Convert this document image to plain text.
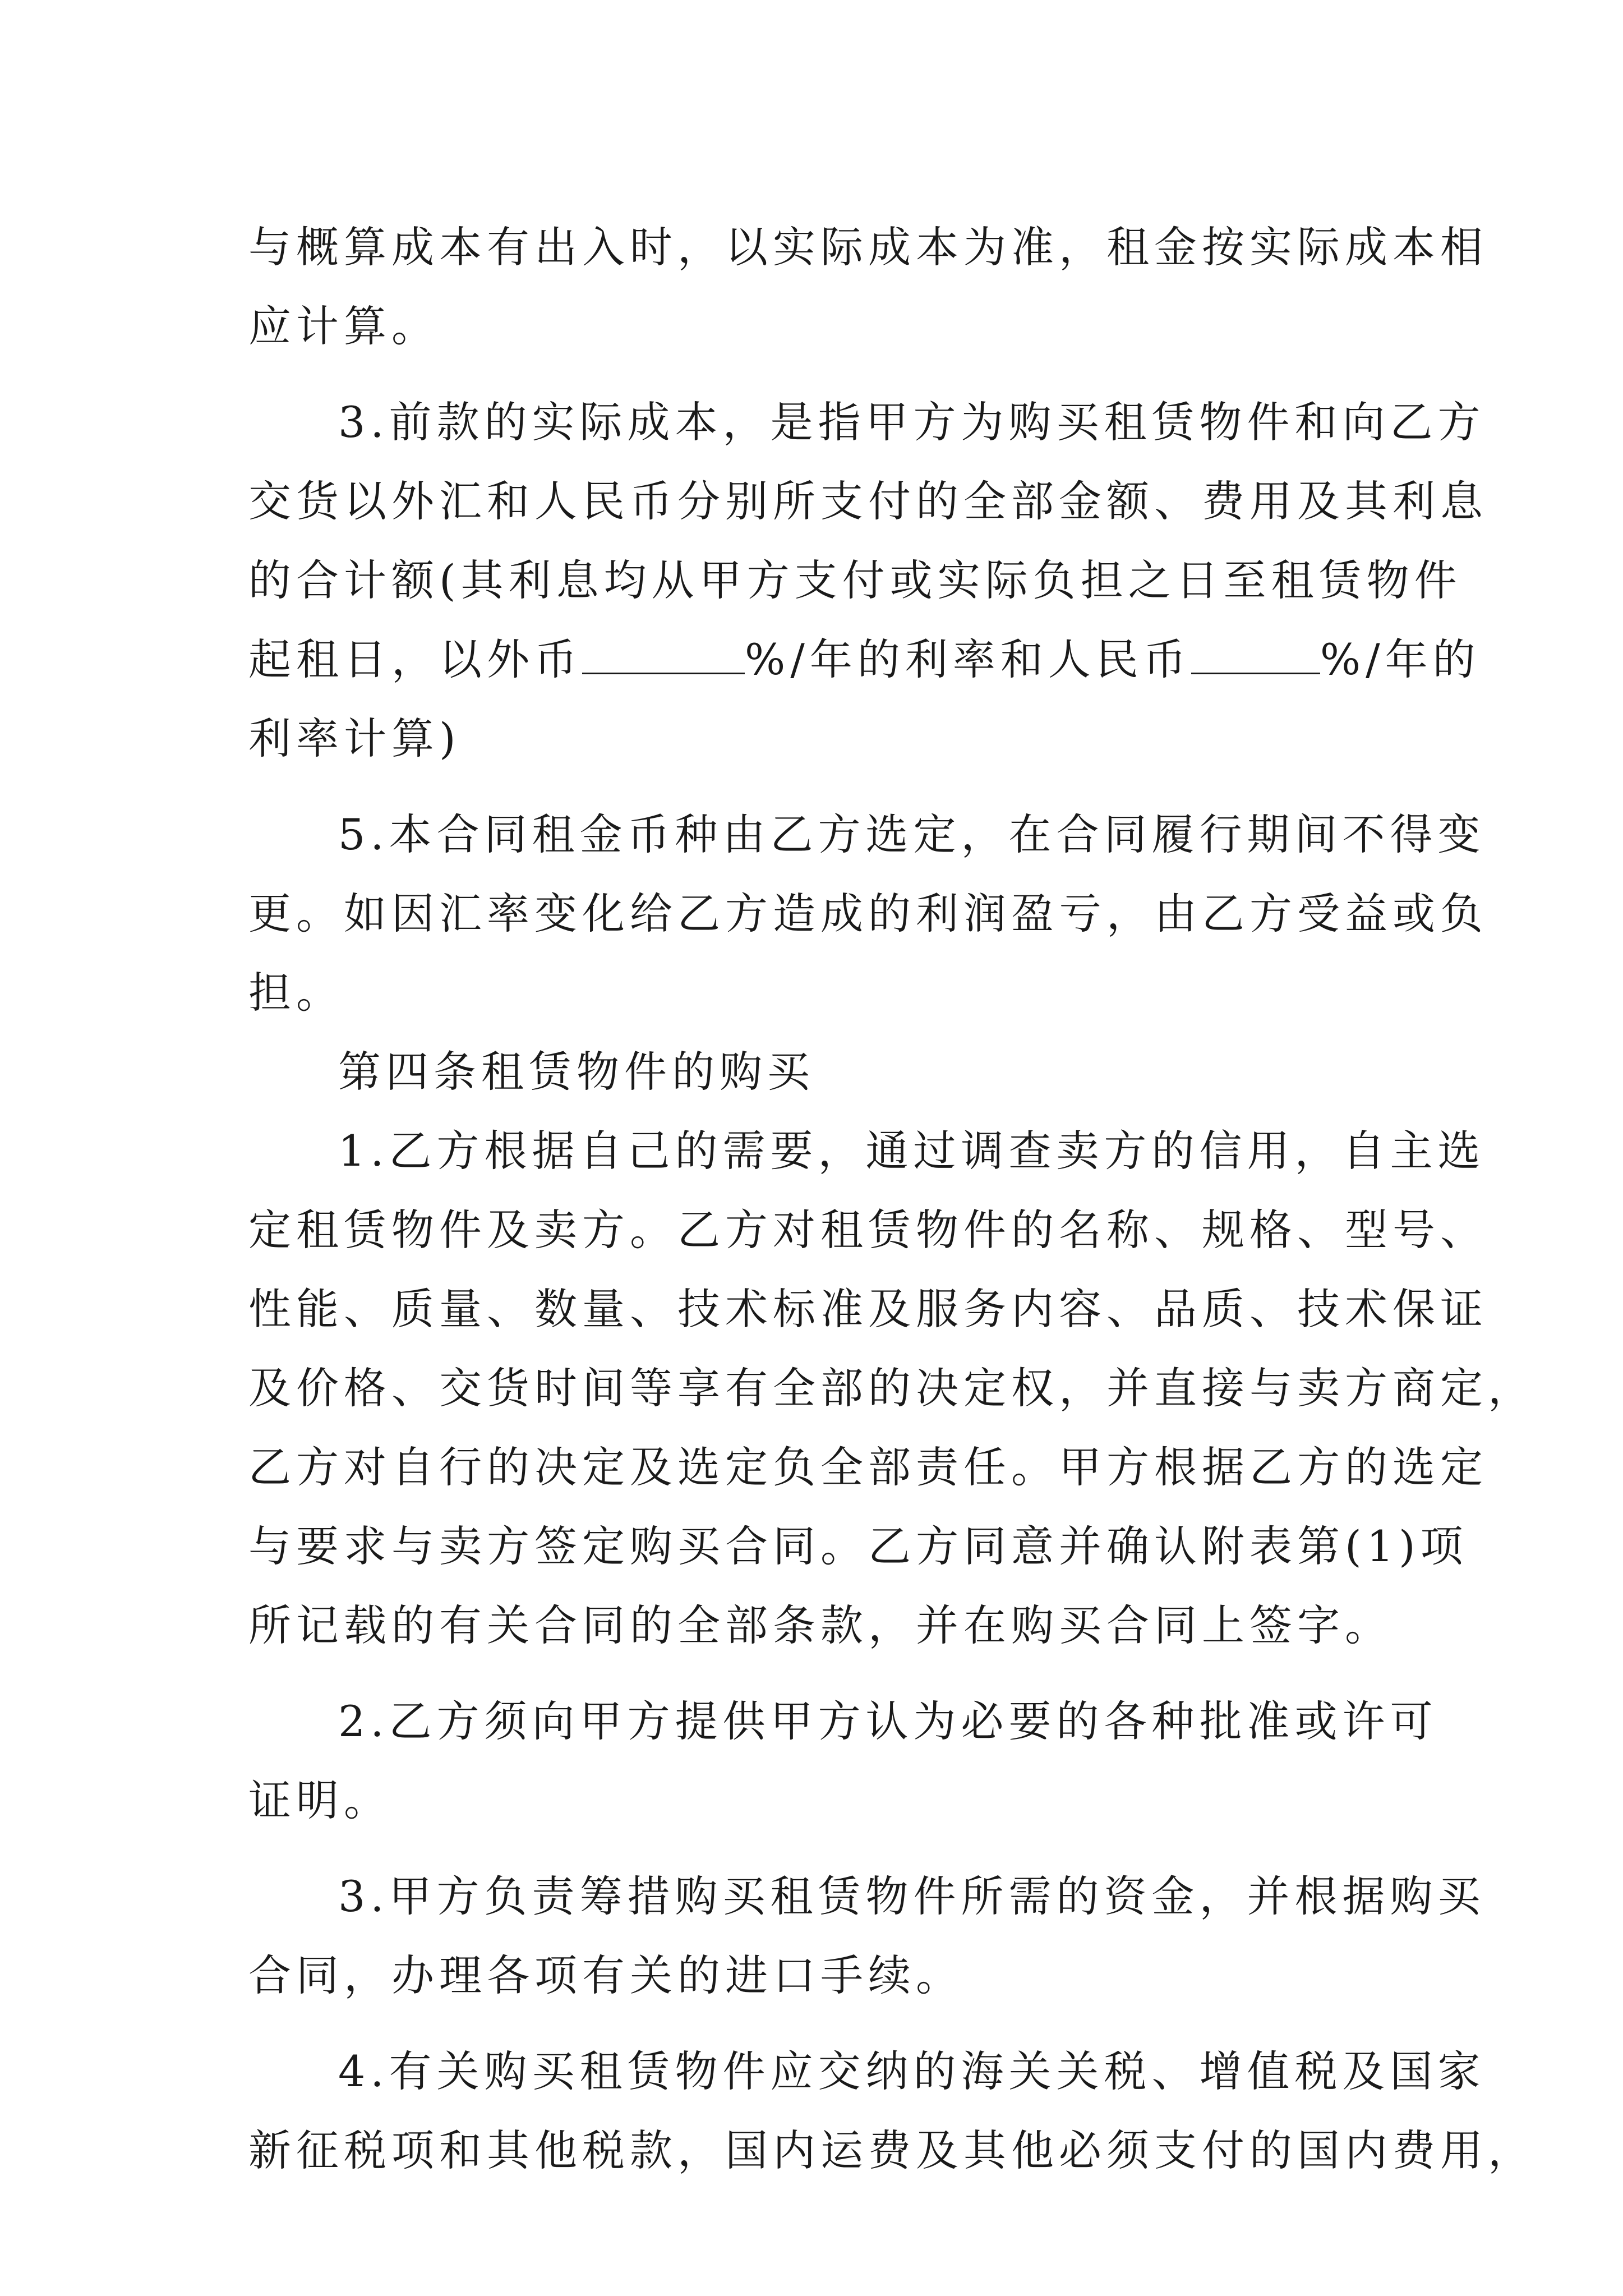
与概算成本有出入时，以实际成本为准，租金按实际成本相
应计算。
3.前款的实际成本，是指甲方为购买租赁物件和向乙方
交货以外汇和人民币分别所支付的全部金额、费用及其利息
的合计额(其利息均从甲方支付或实际负担之日至租赁物件
起租日，以外币	%/年的利率和人民币	%/年的
利率计算)
5.本合同租金币种由乙方选定，在合同履行期间不得变
更。如因汇率变化给乙方造成的利润盈亏，由乙方受益或负
担。
第四条租赁物件的购买
1.乙方根据自己的需要，通过调查卖方的信用，自主选
定租赁物件及卖方。乙方对租赁物件的名称、规格、型号、
性能、质量、数量、技术标准及服务内容、品质、技术保证
及价格、交货时间等享有全部的决定权，并直接与卖方商定，
乙方对自行的决定及选定负全部责任。甲方根据乙方的选定
与要求与卖方签定购买合同。乙方同意并确认附表第(1)项
所记载的有关合同的全部条款，并在购买合同上签字。
2.乙方须向甲方提供甲方认为必要的各种批准或许可
证明。
3.甲方负责筹措购买租赁物件所需的资金，并根据购买
合同，办理各项有关的进口手续。
4.有关购买租赁物件应交纳的海关关税、增值税及国家
新征税项和其他税款，国内运费及其他必须支付的国内费用，
